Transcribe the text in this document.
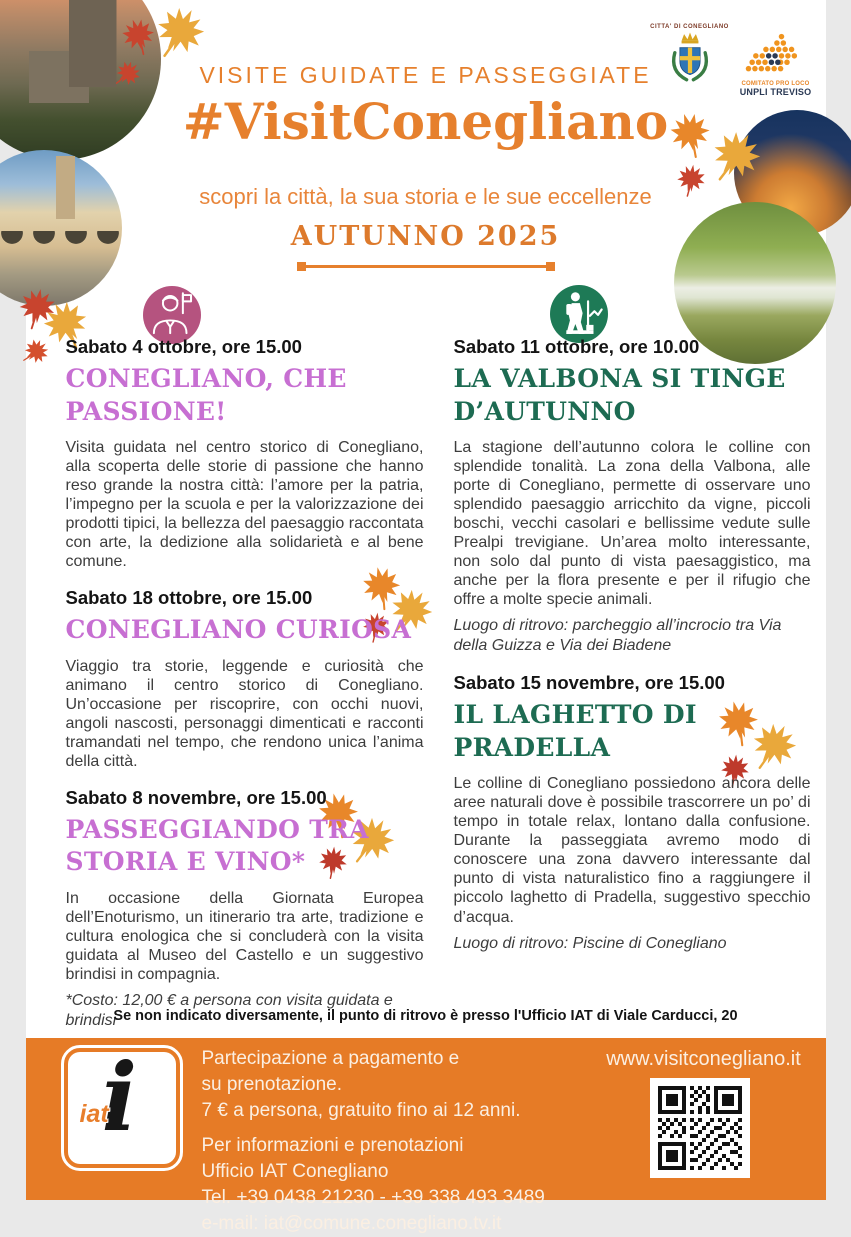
VISITE GUIDATE E PASSEGGIATE
#VisitConegliano
scopri la città, la sua storia e le sue eccellenze
AUTUNNO 2025
CITTA' DI CONEGLIANO
COMITATO PRO LOCO
UNPLI TREVISO
Sabato 4 ottobre, ore 15.00
CONEGLIANO, CHE PASSIONE!

Visita guidata nel centro storico di Conegliano, alla scoperta delle storie di passione che hanno reso grande la nostra città: l’amore per la patria, l’impegno per la scuola e per la valorizzazione dei prodotti tipici, la bellezza del paesaggio raccontata con arte, la dedizione alla solidarietà e al bene comune.

Sabato 18 ottobre, ore 15.00
CONEGLIANO CURIOSA

Viaggio tra storie, leggende e curiosità che animano il centro storico di Conegliano. Un’occasione per riscoprire, con occhi nuovi, angoli nascosti, personaggi dimenticati e racconti tramandati nel tempo, che rendono unica l’anima della città.

Sabato 8 novembre, ore 15.00
PASSEGGIANDO TRA STORIA E VINO*

In occasione della Giornata Europea dell’Enoturismo, un itinerario tra arte, tradizione e cultura enologica che si concluderà con la visita guidata al Museo del Castello e un suggestivo brindisi in compagnia.

*Costo: 12,00 € a persona con visita guidata e brindisi

Sabato 11 ottobre, ore 10.00
LA VALBONA SI TINGE D’AUTUNNO

La stagione dell’autunno colora le colline con splendide tonalità. La zona della Valbona, alle porte di Conegliano, permette di osservare uno splendido paesaggio arricchito da vigne, piccoli boschi, vecchi casolari e bellissime vedute sulle Prealpi trevigiane. Un’area molto interessante, non solo dal punto di vista paesaggistico, ma anche per la flora presente e per il rifugio che offre a molte specie animali.

Luogo di ritrovo: parcheggio all’incrocio tra Via della Guizza e Via dei Biadene

Sabato 15 novembre, ore 15.00
IL LAGHETTO DI PRADELLA

Le colline di Conegliano possiedono ancora delle aree naturali dove è possibile trascorrere un po’ di tempo in totale relax, lontano dalla confusione. Durante la passeggiata avremo modo di conoscere una zona davvero interessante dal punto di vista naturalistico fino a raggiungere il piccolo laghetto di Pradella, suggestivo specchio d’acqua.

Luogo di ritrovo: Piscine di Conegliano

Se non indicato diversamente, il punto di ritrovo è presso l'Ufficio IAT di Viale Carducci, 20
i
iat
Partecipazione a pagamento e
su prenotazione.
7 € a persona, gratuito fino ai 12 anni.
Per informazioni e prenotazioni
Ufficio IAT Conegliano
Tel. +39 0438 21230 - +39 338 493 3489
e-mail: iat@comune.conegliano.tv.it
www.visitconegliano.it
